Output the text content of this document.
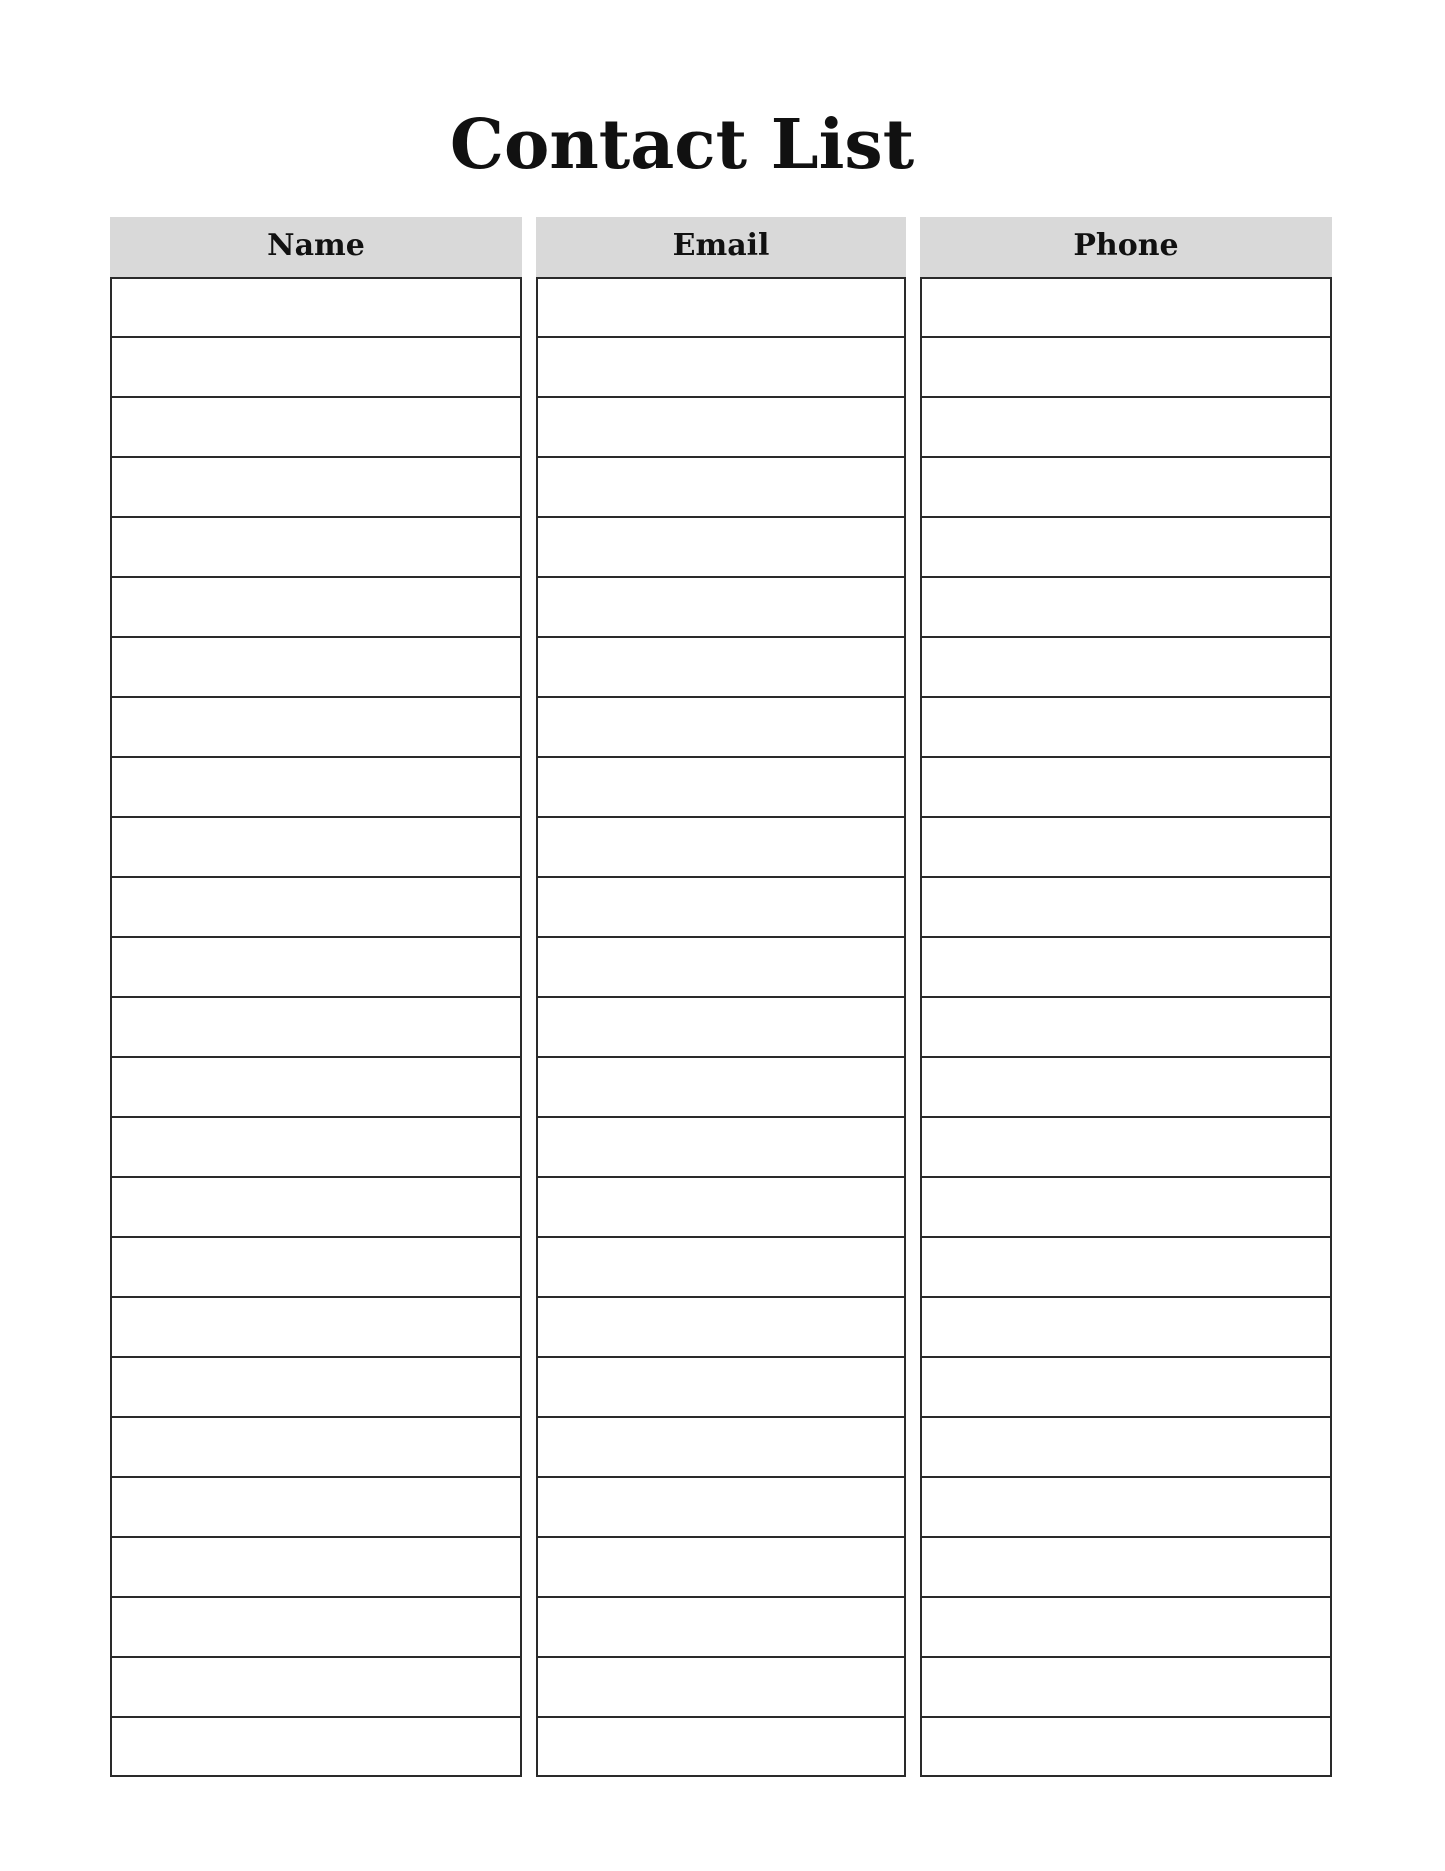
Contact List
Name	Email	Phone
